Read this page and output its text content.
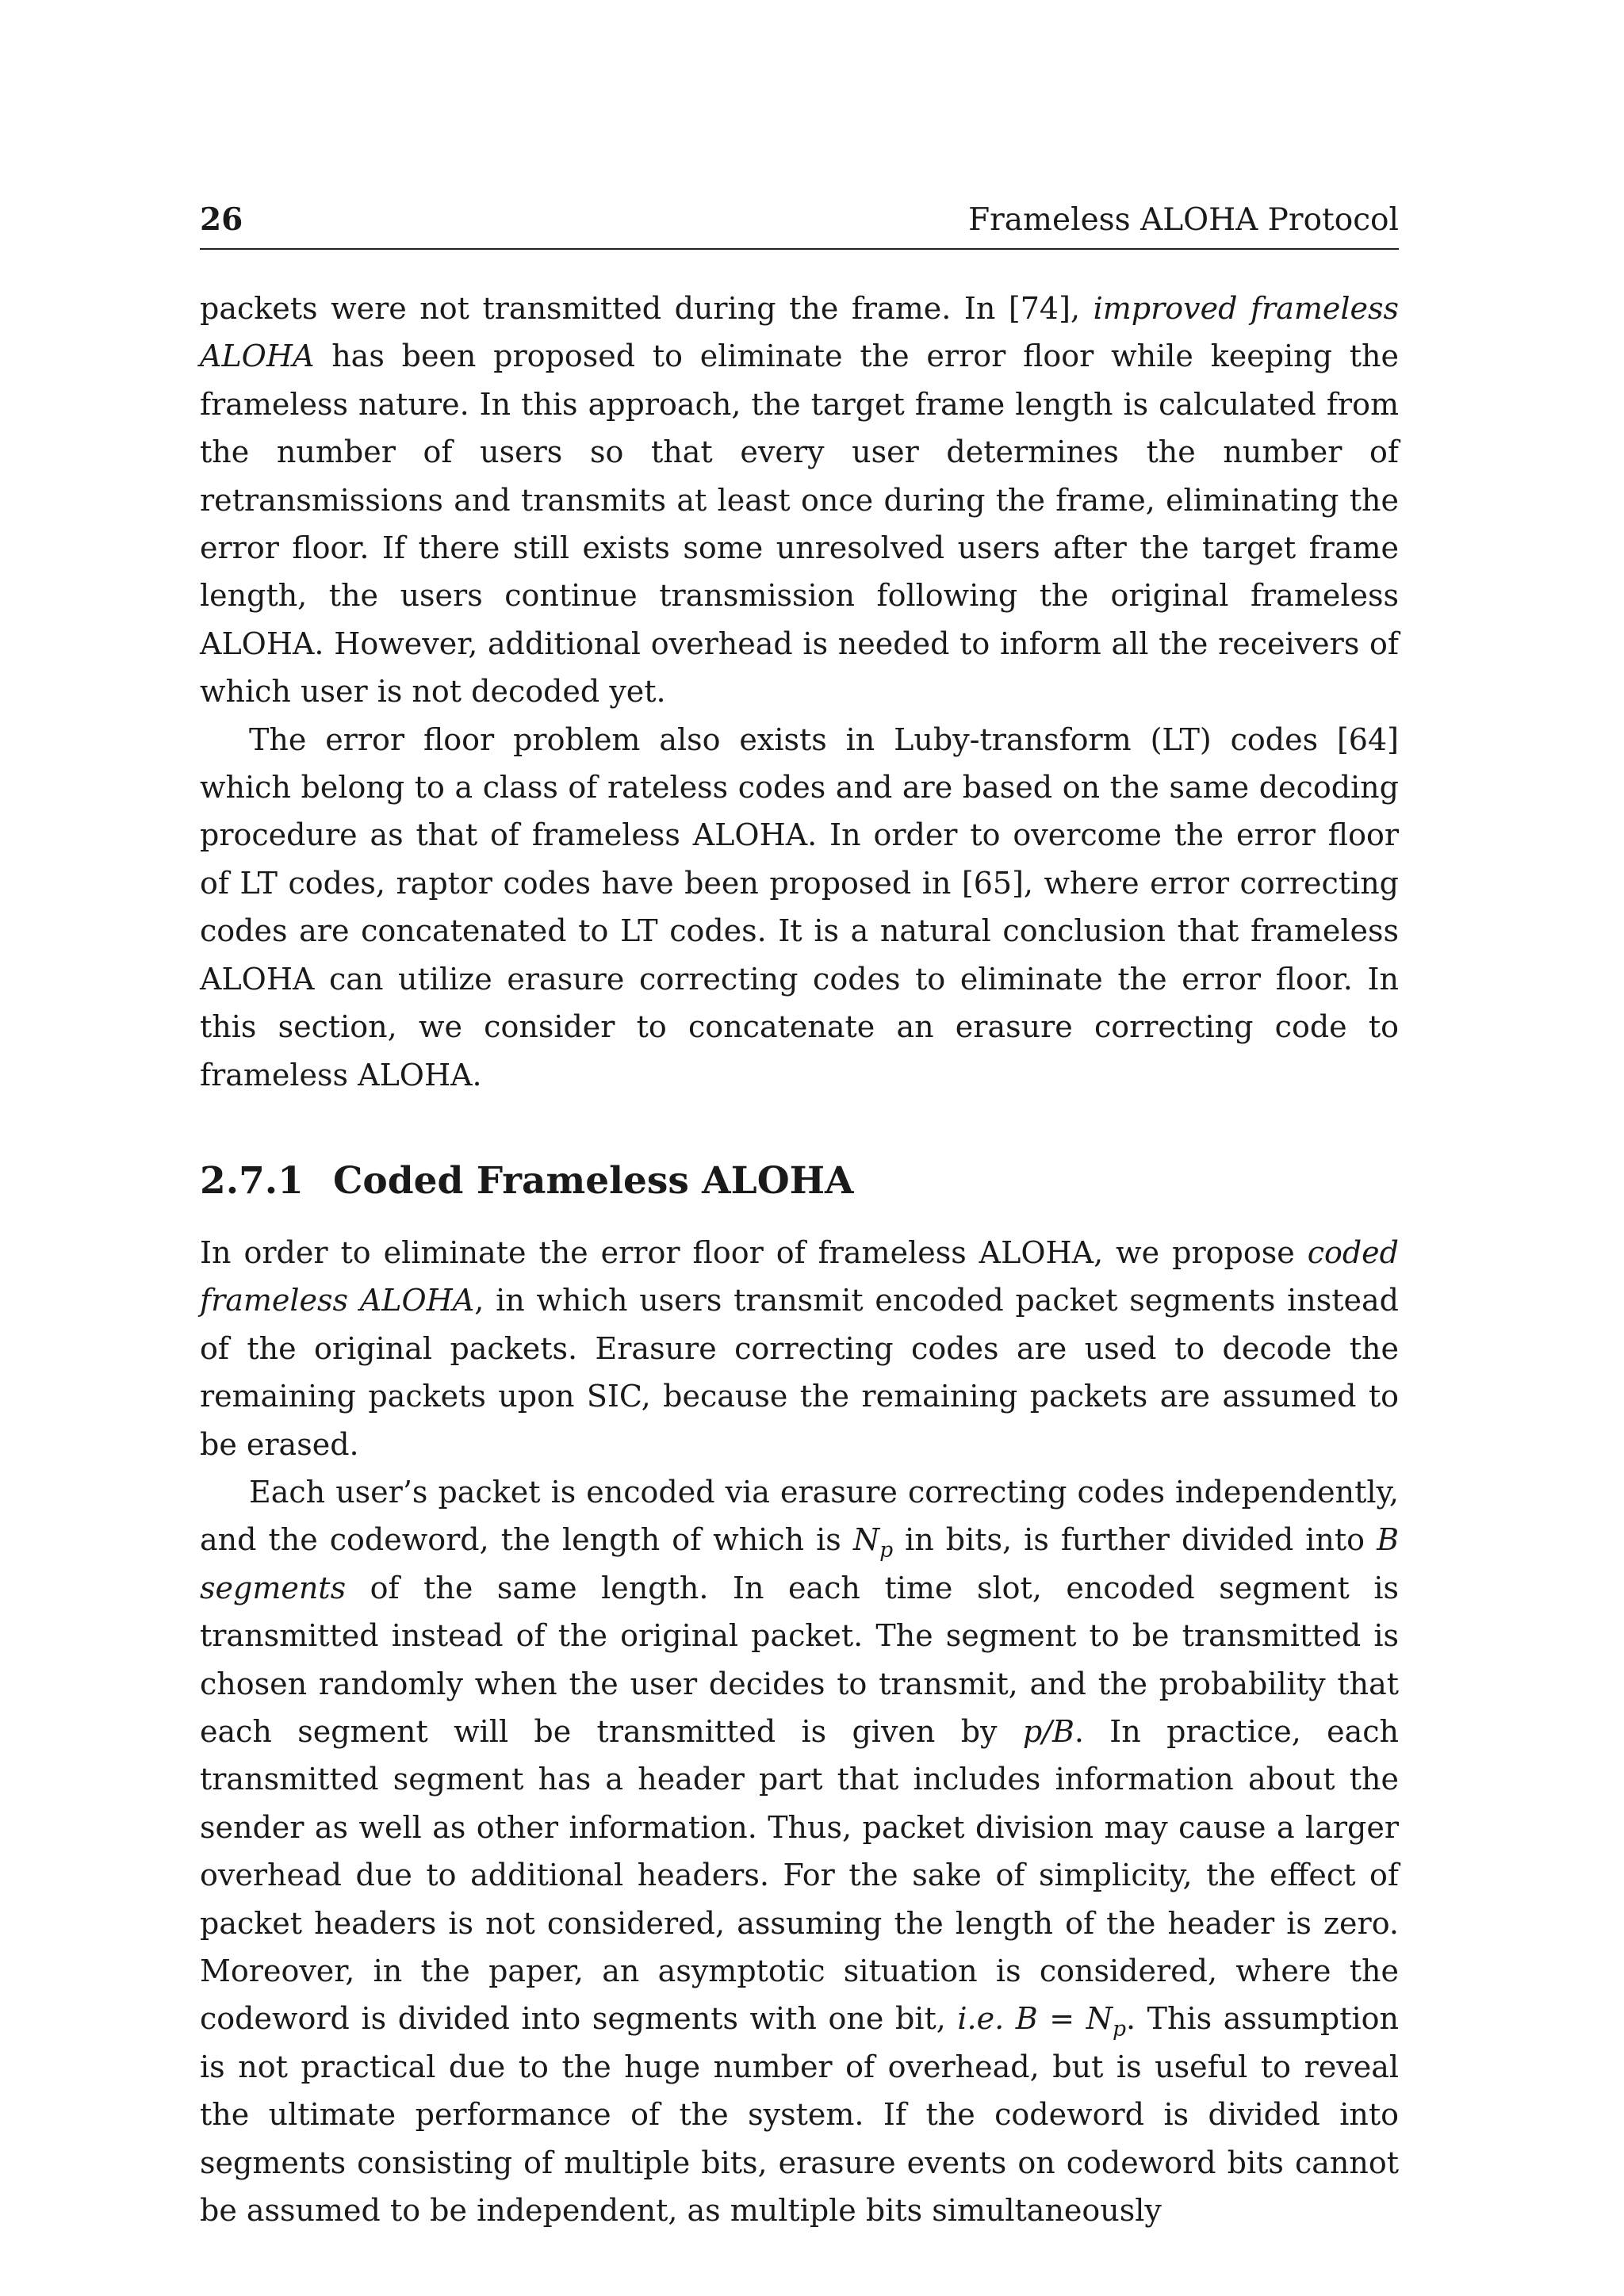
26	Frameless ALOHA Protocol

packets were not transmitted during the frame. In [74], improved frameless ALOHA has been proposed to eliminate the error floor while keeping the frameless nature. In this approach, the target frame length is calculated from the number of users so that every user determines the number of retransmissions and transmits at least once during the frame, eliminating the error floor. If there still exists some unresolved users after the target frame length, the users continue transmission following the original frameless ALOHA. However, additional overhead is needed to inform all the receivers of which user is not decoded yet.

The error floor problem also exists in Luby-transform (LT) codes [64] which belong to a class of rateless codes and are based on the same decoding procedure as that of frameless ALOHA. In order to overcome the error floor of LT codes, raptor codes have been proposed in [65], where error correcting codes are concatenated to LT codes. It is a natural conclusion that frameless ALOHA can utilize erasure correcting codes to eliminate the error floor. In this section, we consider to concatenate an erasure correcting code to frameless ALOHA.

2.7.1 Coded Frameless ALOHA

In order to eliminate the error floor of frameless ALOHA, we propose coded frameless ALOHA, in which users transmit encoded packet segments instead of the original packets. Erasure correcting codes are used to decode the remaining packets upon SIC, because the remaining packets are assumed to be erased.

Each user’s packet is encoded via erasure correcting codes independently, and the codeword, the length of which is $N_p$ in bits, is further divided into B segments of the same length. In each time slot, encoded segment is transmitted instead of the original packet. The segment to be transmitted is chosen randomly when the user decides to transmit, and the probability that each segment will be transmitted is given by p/B. In practice, each transmitted segment has a header part that includes information about the sender as well as other information. Thus, packet division may cause a larger overhead due to additional headers. For the sake of simplicity, the effect of packet headers is not considered, assuming the length of the header is zero. Moreover, in the paper, an asymptotic situation is considered, where the codeword is divided into segments with one bit, i.e. $B = N_p$. This assumption is not practical due to the huge number of overhead, but is useful to reveal the ultimate performance of the system. If the codeword is divided into segments consisting of multiple bits, erasure events on codeword bits cannot be assumed to be independent, as multiple bits simultaneously
